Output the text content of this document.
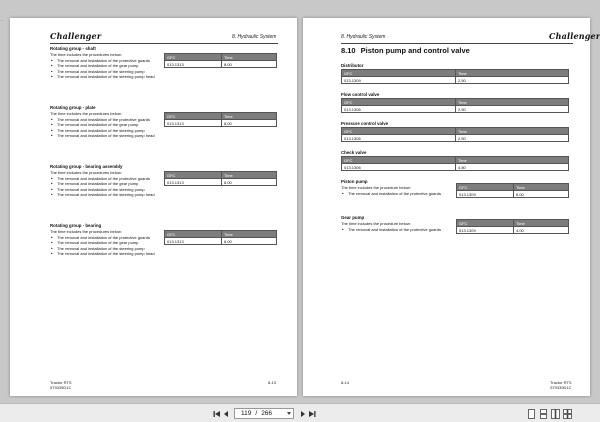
-
Challenger	8. Hydraulic System
Rotating group - shaft
The time includes the procedures below:
• The removal and installation of the protective guards
• The removal and installation of the gear pump
• The removal and installation of the steering pump
• The removal and installation of the steering pump head
GFC	Time
013.1313	8.00
Rotating group - plate
The time includes the procedures below:
• The removal and installation of the protective guards
• The removal and installation of the gear pump
• The removal and installation of the steering pump
• The removal and installation of the steering pump head
GFC	Time
013.1313	8.00
Rotating group - bearing assembly
The time includes the procedures below:
• The removal and installation of the protective guards
• The removal and installation of the gear pump
• The removal and installation of the steering pump
• The removal and installation of the steering pump head
GFC	Time
013.1313	8.00
Rotating group - bearing
The time includes the procedures below:
• The removal and installation of the protective guards
• The removal and installation of the gear pump
• The removal and installation of the steering pump
• The removal and installation of the steering pump head
GFC	Time
013.1313	8.00
Tractor RTS
579339D1C
8-13
8. Hydraulic System	Challenger
8.10 Piston pump and control valve
Distributor
GFC	Time
013.1309	2.50
Flow control valve
GFC	Time
013.1306	2.50
Pressure control valve
GFC	Time
013.1306	2.50
Check valve
GFC	Time
013.1306	4.80
Piston pump
The time includes the procedure below:
• The removal and installation of the protective guards
GFC	Time
013.1309	6.00
Gear pump
The time includes the procedure below:
• The removal and installation of the protective guards
GFC	Time
013.1309	4.00
8-14	Tractor RTS
579339D1C
119 / 266
